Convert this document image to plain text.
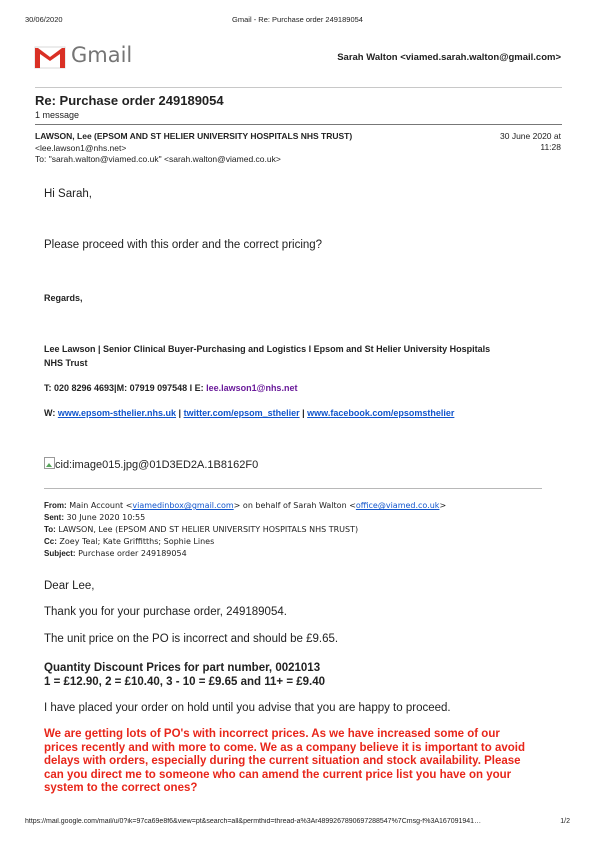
30/06/2020	Gmail - Re: Purchase order 249189054
Gmail	Sarah Walton <viamed.sarah.walton@gmail.com>
Re: Purchase order 249189054
1 message
LAWSON, Lee (EPSOM AND ST HELIER UNIVERSITY HOSPITALS NHS TRUST)
<lee.lawson1@nhs.net>
To: "sarah.walton@viamed.co.uk" <sarah.walton@viamed.co.uk>
30 June 2020 at
11:28
Hi Sarah,
Please proceed with this order and the correct pricing?
Regards,
Lee Lawson | Senior Clinical Buyer-Purchasing and Logistics l Epsom and St Helier University Hospitals
NHS Trust
T: 020 8296 4693|M: 07919 097548 l E: lee.lawson1@nhs.net
W: www.epsom-sthelier.nhs.uk | twitter.com/epsom_sthelier | www.facebook.com/epsomsthelier
cid:image015.jpg@01D3ED2A.1B8162F0
From: Main Account <viamedinbox@gmail.com> on behalf of Sarah Walton <office@viamed.co.uk>
Sent: 30 June 2020 10:55
To: LAWSON, Lee (EPSOM AND ST HELIER UNIVERSITY HOSPITALS NHS TRUST)
Cc: Zoey Teal; Kate Griffitths; Sophie Lines
Subject: Purchase order 249189054
Dear Lee,
Thank you for your purchase order, 249189054.
The unit price on the PO is incorrect and should be £9.65.
Quantity Discount Prices for part number, 0021013
1 = £12.90, 2 = £10.40, 3 - 10 = £9.65 and 11+ = £9.40
I have placed your order on hold until you advise that you are happy to proceed.
We are getting lots of PO's with incorrect prices. As we have increased some of our
prices recently and with more to come. We as a company believe it is important to avoid
delays with orders, especially during the current situation and stock availability. Please
can you direct me to someone who can amend the current price list you have on your
system to the correct ones?
https://mail.google.com/mail/u/0?ik=97ca69e8f6&view=pt&search=all&permthid=thread-a%3Ar4899267890697288547%7Cmsg-f%3A167091941…	1/2
